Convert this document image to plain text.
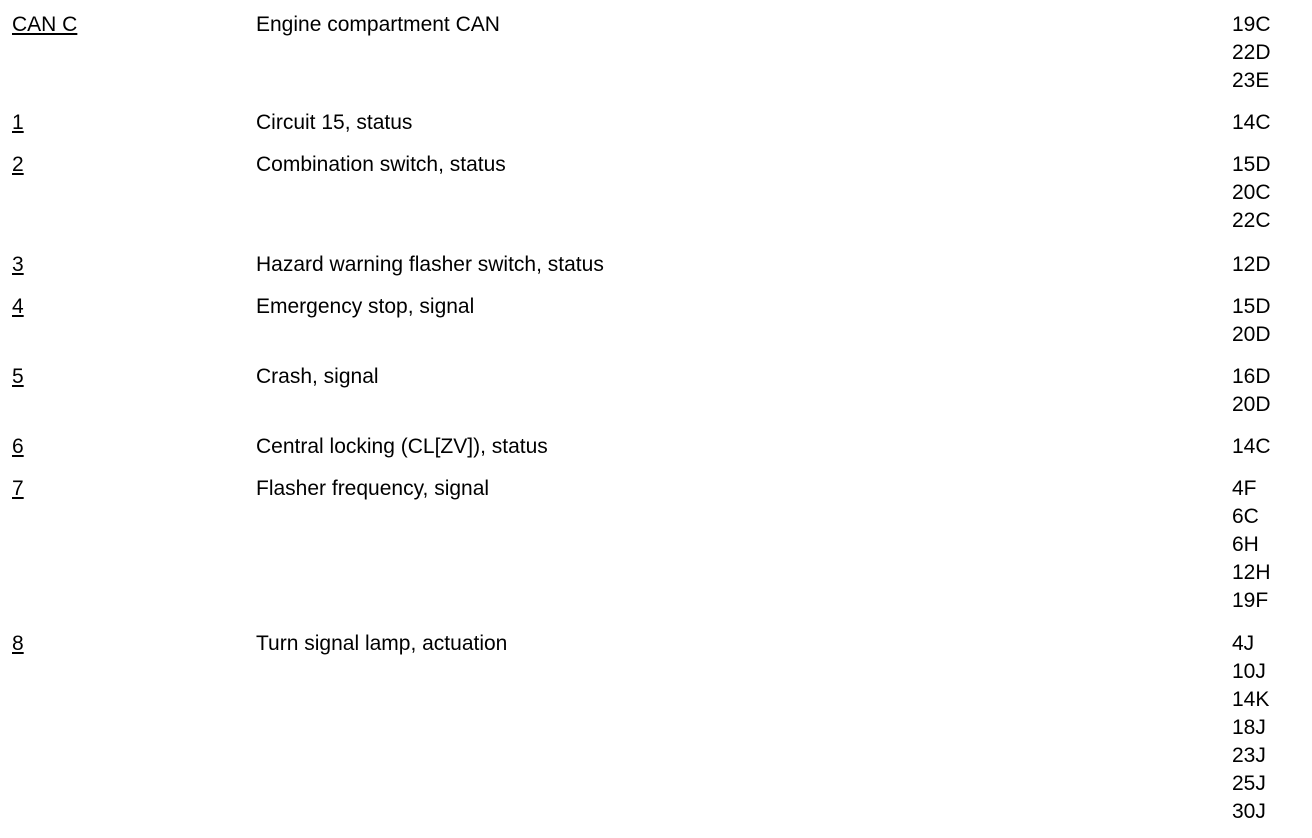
CAN C	Engine compartment CAN	19C
22D
23E
1	Circuit 15, status	14C
2	Combination switch, status	15D
20C
22C
3	Hazard warning flasher switch, status	12D
4	Emergency stop, signal	15D
20D
5	Crash, signal	16D
20D
6	Central locking (CL[ZV]), status	14C
7	Flasher frequency, signal	4F
6C
6H
12H
19F
8	Turn signal lamp, actuation	4J
10J
14K
18J
23J
25J
30J
